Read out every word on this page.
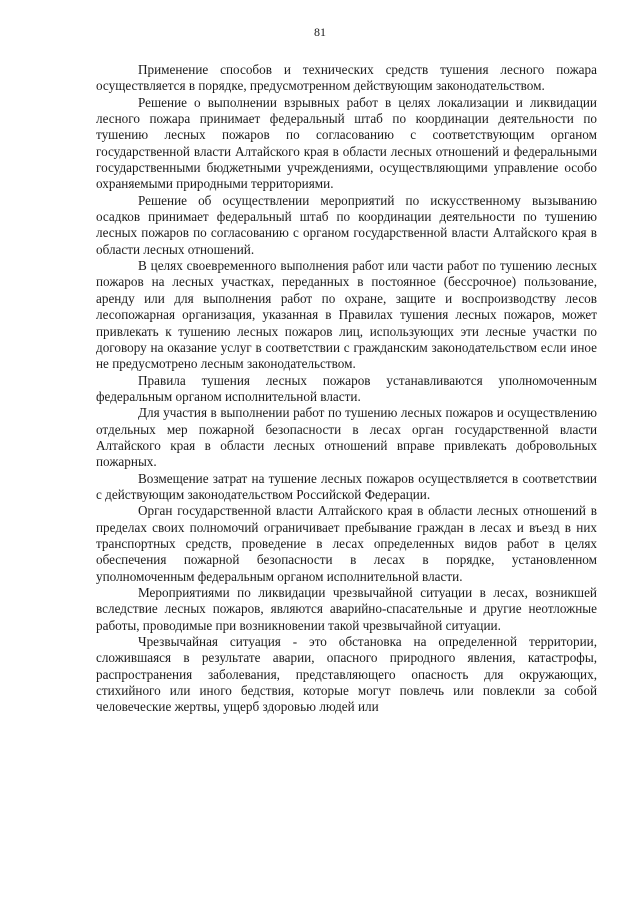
81

Применение способов и технических средств тушения лесного пожара осуществляется в порядке, предусмотренном действующим законодательством.

Решение о выполнении взрывных работ в целях локализации и ликвидации лесного пожара принимает федеральный штаб по координации деятельности по тушению лесных пожаров по согласованию с соответствующим органом государственной власти Алтайского края в области лесных отношений и федеральными государственными бюджетными учреждениями, осуществляющими управление особо охраняемыми природными территориями.

Решение об осуществлении мероприятий по искусственному вызыванию осадков принимает федеральный штаб по координации деятельности по тушению лесных пожаров по согласованию с органом государственной власти Алтайского края в области лесных отношений.

В целях своевременного выполнения работ или части работ по тушению лесных пожаров на лесных участках, переданных в постоянное (бессрочное) пользование, аренду или для выполнения работ по охране, защите и воспроизводству лесов лесопожарная организация, указанная в Правилах тушения лесных пожаров, может привлекать к тушению лесных пожаров лиц, использующих эти лесные участки по договору на оказание услуг в соответствии с гражданским законодательством если иное не предусмотрено лесным законодательством.

Правила тушения лесных пожаров устанавливаются уполномоченным федеральным органом исполнительной власти.

Для участия в выполнении работ по тушению лесных пожаров и осуществлению отдельных мер пожарной безопасности в лесах орган государственной власти Алтайского края в области лесных отношений вправе привлекать добровольных пожарных.

Возмещение затрат на тушение лесных пожаров осуществляется в соответствии с действующим законодательством Российской Федерации.

Орган государственной власти Алтайского края в области лесных отношений в пределах своих полномочий ограничивает пребывание граждан в лесах и въезд в них транспортных средств, проведение в лесах определенных видов работ в целях обеспечения пожарной безопасности в лесах в порядке, установленном уполномоченным федеральным органом исполнительной власти.

Мероприятиями по ликвидации чрезвычайной ситуации в лесах, возникшей вследствие лесных пожаров, являются аварийно-спасательные и другие неотложные работы, проводимые при возникновении такой чрезвычайной ситуации.

Чрезвычайная ситуация - это обстановка на определенной территории, сложившаяся в результате аварии, опасного природного явления, катастрофы, распространения заболевания, представляющего опасность для окружающих, стихийного или иного бедствия, которые могут повлечь или повлекли за собой человеческие жертвы, ущерб здоровью людей или
